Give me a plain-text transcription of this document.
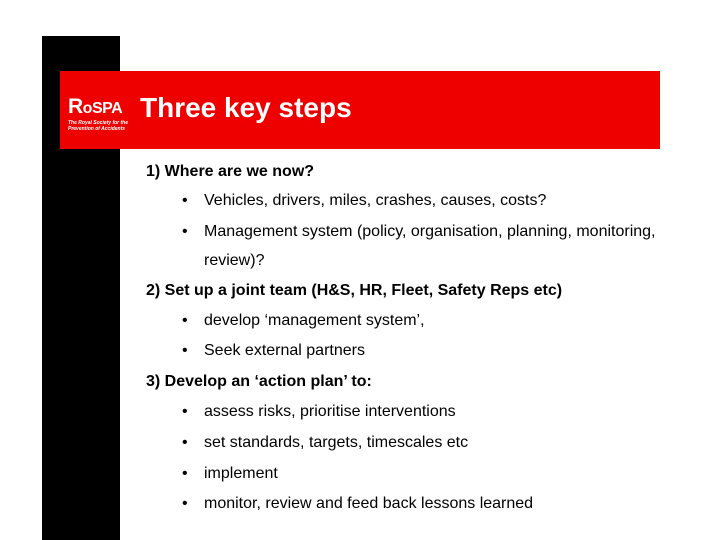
RoSPA
The Royal Society for the Prevention of Accidents
Three key steps
1) Where are we now?
• Vehicles, drivers, miles, crashes, causes, costs?
• Management system (policy, organisation, planning, monitoring,
review)?
2) Set up a joint team (H&S, HR, Fleet, Safety Reps etc)
• develop ‘management system’,
• Seek external partners
3) Develop an ‘action plan’ to:
• assess risks, prioritise interventions
• set standards, targets, timescales etc
• implement
• monitor, review and feed back lessons learned
